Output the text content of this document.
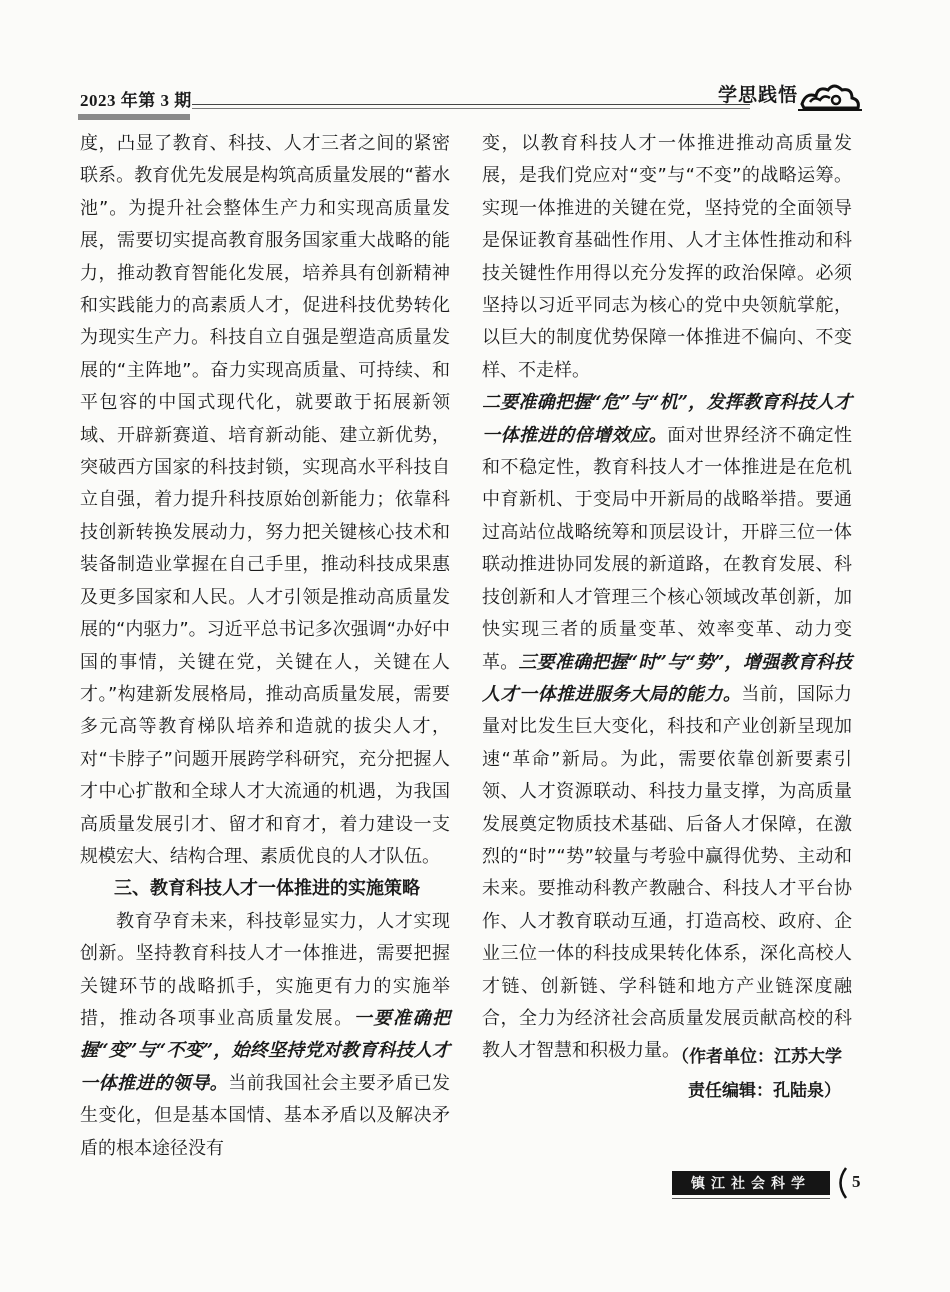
2023 年第 3 期	学思践悟

度，凸显了教育、科技、人才三者之间的紧密联系。教育优先发展是构筑高质量发展的“蓄水池”。为提升社会整体生产力和实现高质量发展，需要切实提高教育服务国家重大战略的能力，推动教育智能化发展，培养具有创新精神和实践能力的高素质人才，促进科技优势转化为现实生产力。科技自立自强是塑造高质量发展的“主阵地”。奋力实现高质量、可持续、和平包容的中国式现代化，就要敢于拓展新领域、开辟新赛道、培育新动能、建立新优势，突破西方国家的科技封锁，实现高水平科技自立自强，着力提升科技原始创新能力；依靠科技创新转换发展动力，努力把关键核心技术和装备制造业掌握在自己手里，推动科技成果惠及更多国家和人民。人才引领是推动高质量发展的“内驱力”。习近平总书记多次强调“办好中国的事情，关键在党，关键在人，关键在人才。”构建新发展格局，推动高质量发展，需要多元高等教育梯队培养和造就的拔尖人才，对“卡脖子”问题开展跨学科研究，充分把握人才中心扩散和全球人才大流通的机遇，为我国高质量发展引才、留才和育才，着力建设一支规模宏大、结构合理、素质优良的人才队伍。

三、教育科技人才一体推进的实施策略

教育孕育未来，科技彰显实力，人才实现创新。坚持教育科技人才一体推进，需要把握关键环节的战略抓手，实施更有力的实施举措，推动各项事业高质量发展。一要准确把握“变”与“不变”，始终坚持党对教育科技人才一体推进的领导。当前我国社会主要矛盾已发生变化，但是基本国情、基本矛盾以及解决矛盾的根本途径没有

变，以教育科技人才一体推进推动高质量发展，是我们党应对“变”与“不变”的战略运筹。实现一体推进的关键在党，坚持党的全面领导是保证教育基础性作用、人才主体性推动和科技关键性作用得以充分发挥的政治保障。必须坚持以习近平同志为核心的党中央领航掌舵，以巨大的制度优势保障一体推进不偏向、不变样、不走样。

二要准确把握“危”与“机”，发挥教育科技人才一体推进的倍增效应。面对世界经济不确定性和不稳定性，教育科技人才一体推进是在危机中育新机、于变局中开新局的战略举措。要通过高站位战略统筹和顶层设计，开辟三位一体联动推进协同发展的新道路，在教育发展、科技创新和人才管理三个核心领域改革创新，加快实现三者的质量变革、效率变革、动力变革。三要准确把握“时”与“势”，增强教育科技人才一体推进服务大局的能力。当前，国际力量对比发生巨大变化，科技和产业创新呈现加速“革命”新局。为此，需要依靠创新要素引领、人才资源联动、科技力量支撑，为高质量发展奠定物质技术基础、后备人才保障，在激烈的“时”“势”较量与考验中赢得优势、主动和未来。要推动科教产教融合、科技人才平台协作、人才教育联动互通，打造高校、政府、企业三位一体的科技成果转化体系，深化高校人才链、创新链、学科链和地方产业链深度融合，全力为经济社会高质量发展贡献高校的科教人才智慧和积极力量。

（作者单位：江苏大学
责任编辑：孔陆泉）
镇江社会科学	5
